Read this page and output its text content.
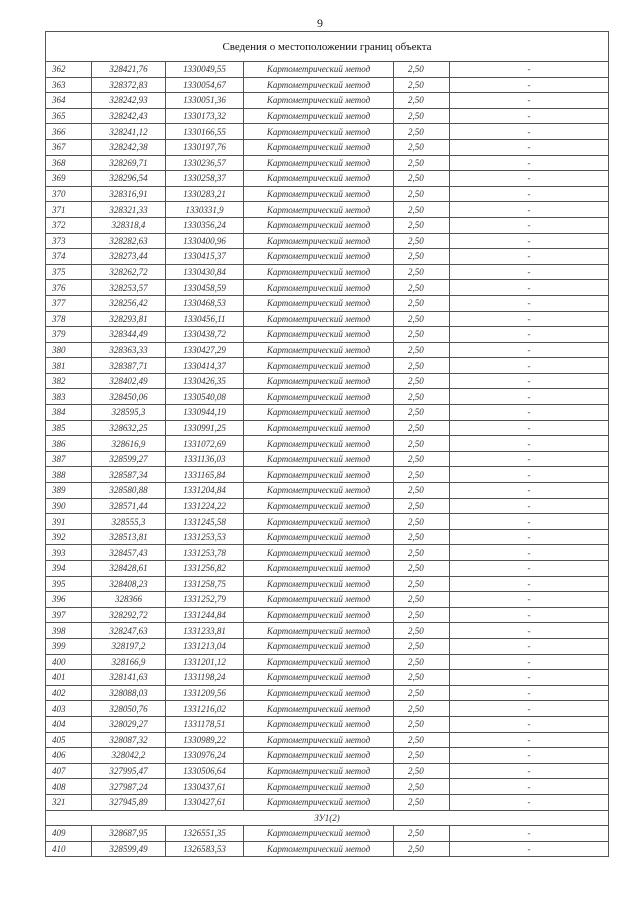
9
Сведения о местоположении границ объекта					
362	328421,76	1330049,55	Картометрический метод	2,50	-
363	328372,83	1330054,67	Картометрический метод	2,50	-
364	328242,93	1330051,36	Картометрический метод	2,50	-
365	328242,43	1330173,32	Картометрический метод	2,50	-
366	328241,12	1330166,55	Картометрический метод	2,50	-
367	328242,38	1330197,76	Картометрический метод	2,50	-
368	328269,71	1330236,57	Картометрический метод	2,50	-
369	328296,54	1330258,37	Картометрический метод	2,50	-
370	328316,91	1330283,21	Картометрический метод	2,50	-
371	328321,33	1330331,9	Картометрический метод	2,50	-
372	328318,4	1330356,24	Картометрический метод	2,50	-
373	328282,63	1330400,96	Картометрический метод	2,50	-
374	328273,44	1330415,37	Картометрический метод	2,50	-
375	328262,72	1330430,84	Картометрический метод	2,50	-
376	328253,57	1330458,59	Картометрический метод	2,50	-
377	328256,42	1330468,53	Картометрический метод	2,50	-
378	328293,81	1330456,11	Картометрический метод	2,50	-
379	328344,49	1330438,72	Картометрический метод	2,50	-
380	328363,33	1330427,29	Картометрический метод	2,50	-
381	328387,71	1330414,37	Картометрический метод	2,50	-
382	328402,49	1330426,35	Картометрический метод	2,50	-
383	328450,06	1330540,08	Картометрический метод	2,50	-
384	328595,3	1330944,19	Картометрический метод	2,50	-
385	328632,25	1330991,25	Картометрический метод	2,50	-
386	328616,9	1331072,69	Картометрический метод	2,50	-
387	328599,27	1331136,03	Картометрический метод	2,50	-
388	328587,34	1331165,84	Картометрический метод	2,50	-
389	328580,88	1331204,84	Картометрический метод	2,50	-
390	328571,44	1331224,22	Картометрический метод	2,50	-
391	328555,3	1331245,58	Картометрический метод	2,50	-
392	328513,81	1331253,53	Картометрический метод	2,50	-
393	328457,43	1331253,78	Картометрический метод	2,50	-
394	328428,61	1331256,82	Картометрический метод	2,50	-
395	328408,23	1331258,75	Картометрический метод	2,50	-
396	328366	1331252,79	Картометрический метод	2,50	-
397	328292,72	1331244,84	Картометрический метод	2,50	-
398	328247,63	1331233,81	Картометрический метод	2,50	-
399	328197,2	1331213,04	Картометрический метод	2,50	-
400	328166,9	1331201,12	Картометрический метод	2,50	-
401	328141,63	1331198,24	Картометрический метод	2,50	-
402	328088,03	1331209,56	Картометрический метод	2,50	-
403	328050,76	1331216,02	Картометрический метод	2,50	-
404	328029,27	1331178,51	Картометрический метод	2,50	-
405	328087,32	1330989,22	Картометрический метод	2,50	-
406	328042,2	1330976,24	Картометрический метод	2,50	-
407	327995,47	1330506,64	Картометрический метод	2,50	-
408	327987,24	1330437,61	Картометрический метод	2,50	-
321	327945,89	1330427,61	Картометрический метод	2,50	-
ЗУ1(2)					
409	328687,95	1326551,35	Картометрический метод	2,50	-
410	328599,49	1326583,53	Картометрический метод	2,50	-
